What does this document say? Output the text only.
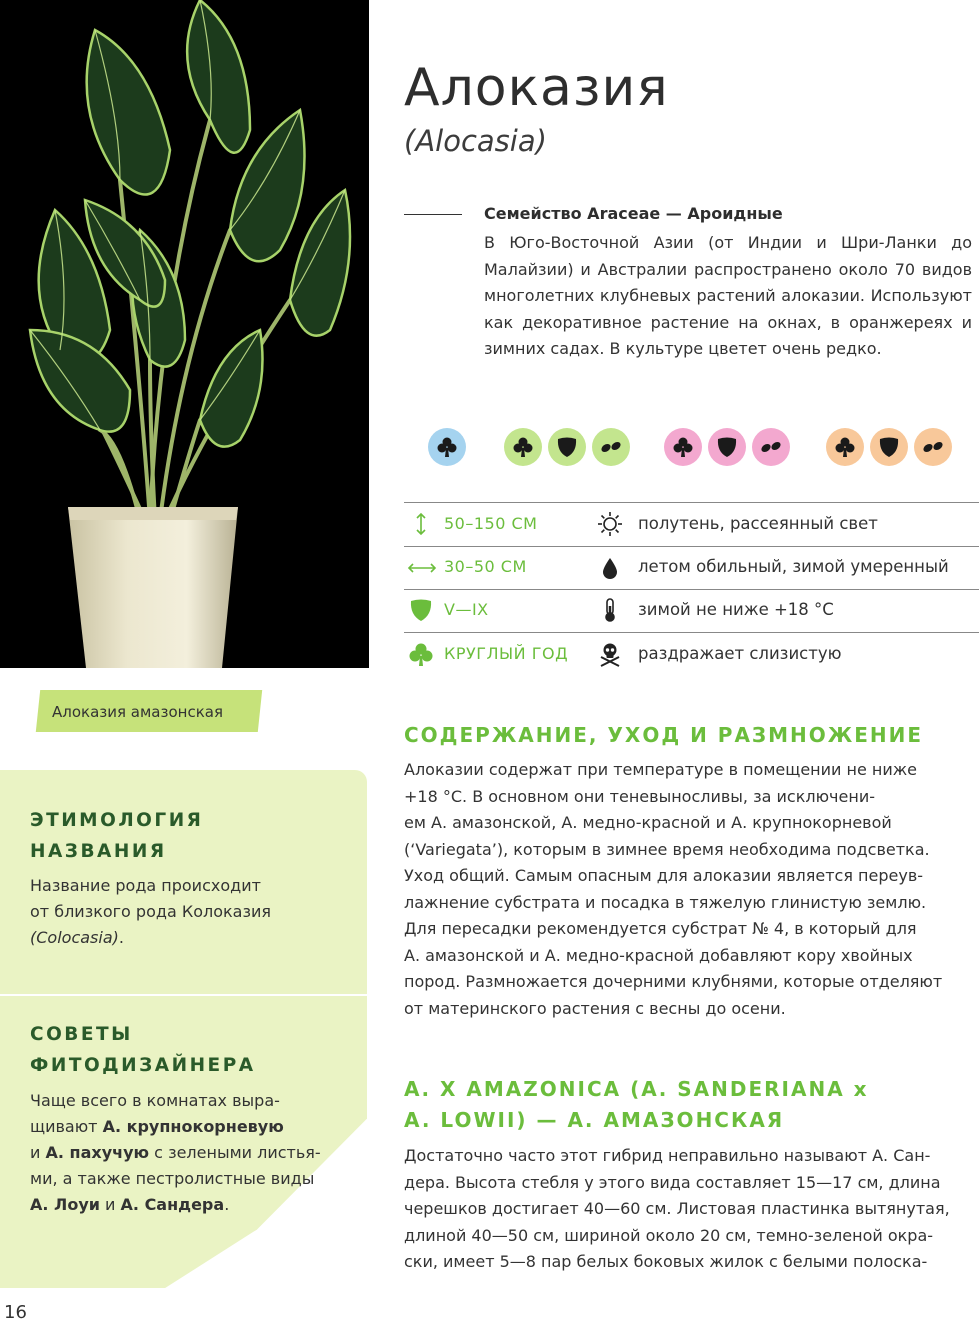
Алоказия
(Alocasia)
Семейство Araceae — Ароидные
В Юго-Восточной Азии (от Индии и Шри-Ланки до Малайзии) и Австралии распространено около 70 видов многолетних клубневых растений алоказии. Используют как декоративное растение на окнах, в оранжереях и зимних садах. В культуре цветет очень редко.
50–150 СМ	полутень, рассеянный свет
30–50 СМ	летом обильный, зимой умеренный
V—IX	зимой не ниже +18 °С
КРУГЛЫЙ ГОД	раздражает слизистую
Алоказия амазонская
ЭТИМОЛОГИЯ
НАЗВАНИЯ
Название рода происходит
от близкого рода Колоказия
(Colocasia).
СОВЕТЫ
ФИТОДИЗАЙНЕРА
Чаще всего в комнатах выра-
щивают А. крупнокорневую
и А. пахучую с зелеными листья-
ми, а также пестролистные виды
А. Лоуи и А. Сандера.
СОДЕРЖАНИЕ, УХОД И РАЗМНОЖЕНИЕ
Алоказии содержат при температуре в помещении не ниже
+18 °С. В основном они теневыносливы, за исключени-
ем А. амазонской, А. медно-красной и А. крупнокорневой
(‘Variegata’), которым в зимнее время необходима подсветка.
Уход общий. Самым опасным для алоказии является переув-
лажнение субстрата и посадка в тяжелую глинистую землю.
Для пересадки рекомендуется субстрат № 4, в который для
А. амазонской и А. медно-красной добавляют кору хвойных
пород. Размножается дочерними клубнями, которые отделяют
от материнского растения с весны до осени.
А. X AMAZONICA (А. SANDERIANA x
A. LOWII) — А. АМАЗОНСКАЯ
Достаточно часто этот гибрид неправильно называют А. Сан-
дера. Высота стебля у этого вида составляет 15—17 см, длина
черешков достигает 40—60 см. Листовая пластинка вытянутая,
длиной 40—50 см, шириной около 20 см, темно-зеленой окра-
ски, имеет 5—8 пар белых боковых жилок с белыми полоска-
16
